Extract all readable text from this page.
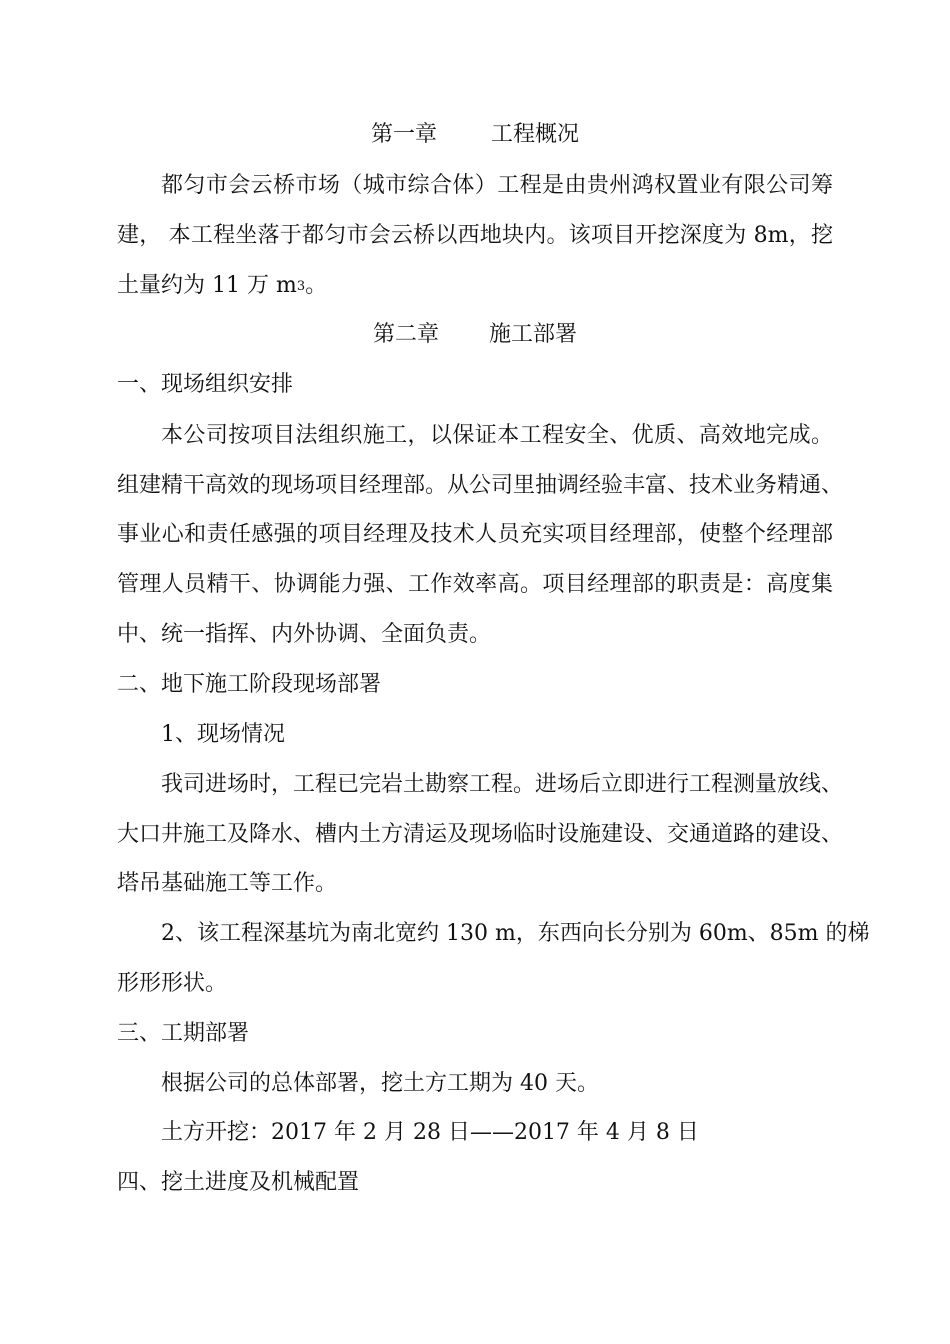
第一章 工程概况
都匀市会云桥市场（城市综合体）工程是由贵州鸿权置业有限公司筹
建， 本工程坐落于都匀市会云桥以西地块内。该项目开挖深度为 8m，挖
土量约为 11 万 $m^3$。
第二章 施工部署
一、现场组织安排
本公司按项目法组织施工，以保证本工程安全、优质、高效地完成。
组建精干高效的现场项目经理部。从公司里抽调经验丰富、技术业务精通、
事业心和责任感强的项目经理及技术人员充实项目经理部，使整个经理部
管理人员精干、协调能力强、工作效率高。项目经理部的职责是：高度集
中、统一指挥、内外协调、全面负责。
二、地下施工阶段现场部署
1、现场情况
我司进场时，工程已完岩土勘察工程。进场后立即进行工程测量放线、
大口井施工及降水、槽内土方清运及现场临时设施建设、交通道路的建设、
塔吊基础施工等工作。
2、该工程深基坑为南北宽约 130 m，东西向长分别为 60m、85m 的梯
形形形状。
三、工期部署
根据公司的总体部署，挖土方工期为 40 天。
土方开挖：2017 年 2 月 28 日——2017 年 4 月 8 日
四、挖土进度及机械配置
